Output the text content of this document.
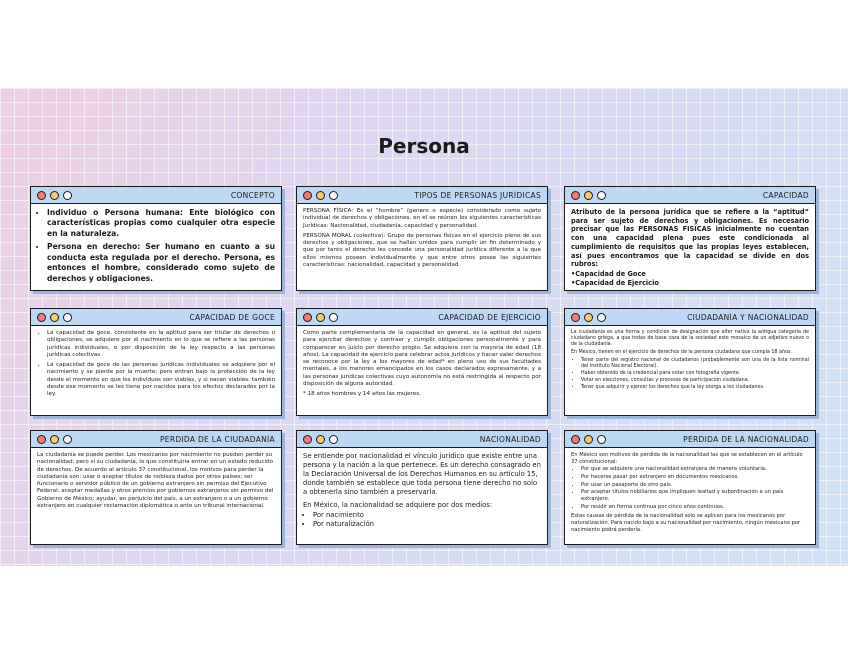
Persona
CONCEPTO
• Individuo o Persona humana: Ente biológico con características propias como cualquier otra especie en la naturaleza.
• Persona en derecho: Ser humano en cuanto a su conducta esta regulada por el derecho. Persona, es entonces el hombre, considerado como sujeto de derechos y obligaciones.
TIPOS DE PERSONAS JURÍDICAS

PERSONA FÍSICA: Es el “hombre” (genero o especie) considerado como sujeto individual de derechos y obligaciones, en el se reúnen los siguientes características Jurídicas: Nacionalidad, ciudadanía, capacidad y personalidad.

PERSONA MORAL (colectiva): Grupo de personas físicas en el ejercicio pleno de sus derechos y obligaciones, que se hallan unidos para cumplir un fin determinado y que por tanto el derecho les concede una personalidad jurídica diferente a la que ellos mismos poseen individualmente y que entre otros posee las siguientes características: nacionalidad, capacidad y personalidad

CAPACIDAD

Atributo de la persona jurídica que se refiere a la “aptitud” para ser sujeto de derechos y obligaciones. Es necesario precisar que las PERSONAS FISICAS inicialmente no cuentan con una capacidad plena pues este condicionada al cumplimiento de requisitos que las propias leyes establecen, así pues encontramos que la capacidad se divide en dos rubros:

•Capacidad de Goce

•Capacidad de Ejercicio

CAPACIDAD DE GOCE
• La capacidad de goce, consistente en la aptitud para ser titular de derechos u obligaciones, se adquiere por el nacimiento en lo que se refiere a las personas jurídicas individuales, o por disposición de la ley respecto a las personas jurídicas colectivas
• La capacidad de goce de las personas jurídicas individuales se adquiere por el nacimiento y se pierde por la muerte; pero entran bajo la protección de la ley desde el momento en que los individuos son viables, y si nacen viables, también desde ese momento se les tiene por nacidos para los efectos declarados por la ley.
CAPACIDAD DE EJERCICIO

Como parte complementaria de la capacidad en general, es la aptitud del sujeto para ejercitar derechos y contraer y cumplir obligaciones personalmente y para comparecer en juicio por derecho propio. Se adquiere con la mayoría de edad (18 años). La capacidad de ejercicio para celebrar actos jurídicos y hacer valer derechos se reconoce por la ley a los mayores de edad* en pleno uso de sus facultades mentales, a los menores emancipados en los casos declarados expresamente, y a las personas jurídicas colectivas cuyo autonomía no está restringida al respecto por disposición de alguna autoridad.

* 18 años hombres y 14 años las mujeres.

CIUDADANÍA Y NACIONALIDAD

La ciudadanía es una forma y condición de designación que alter nativa la antigua categoría de ciudadano griega, a que todas de base caza de la sociedad este mosaico de un adjetivo nuevo o de la ciudadanía.

En México, tienen en el ejercicio de derechos de la persona ciudadana que cumpla 18 años.

• Tener parte del registro nacional de ciudadanos (probablemente son una de la lista nominal del Instituto Nacional Electoral).
• Haber obtenido de la credencial para votar con fotografía vigente.
• Votar en elecciones, consultas y procesos de participación ciudadana.
• Tener que adquirir y ejercer los derechos que la ley otorga a los ciudadanos.
PERDIDA DE LA CIUDADANÍA

La ciudadanía se puede perder. Los mexicanos por nacimiento no pueden perder su nacionalidad, pero sí su ciudadanía, lo que constituiría entrar en un estado reducido de derechos. De acuerdo al artículo 37 constitucional, los motivos para perder la ciudadanía son: usar o aceptar títulos de nobleza dados por otros países; ser funcionario o servidor público de un gobierno extranjero sin permiso del Ejecutivo Federal; aceptar medallas y otros premios por gobiernos extranjeros sin permiso del Gobierno de México; ayudar, en perjuicio del país, a un extranjero o a un gobierno extranjero en cualquier reclamación diplomática o ante un tribunal internacional.

NACIONALIDAD

Se entiende por nacionalidad el vínculo jurídico que existe entre una persona y la nación a la que pertenece. Es un derecho consagrado en la Declaración Universal de los Derechos Humanos en su artículo 15, donde también se establece que toda persona tiene derecho no solo a obtenerla sino también a preservarla.

En México, la nacionalidad se adquiere por dos medios:

• Por nacimiento
• Por naturalización
PERDIDA DE LA NACIONALIDAD

En México son motivos de perdida de la nacionalidad las que se establecen en el artículo 37 constitucional:

• Por que se adquiere una nacionalidad extranjera de manera voluntaria.
• Por hacerse pasar por extranjero en documentos mexicanos.
• Por usar un pasaporte de otro país.
• Por aceptar títulos nobiliarios que impliquen lealtad y subordinación a un país extranjero.
• Por residir en forma continua por cinco años continuos.

Estas causas de pérdida de la nacionalidad solo se aplican para los mexicanos por naturalización. Para nacido bajo a su nacionalidad por nacimiento, ningún mexicano por nacimiento podrá perderla.
